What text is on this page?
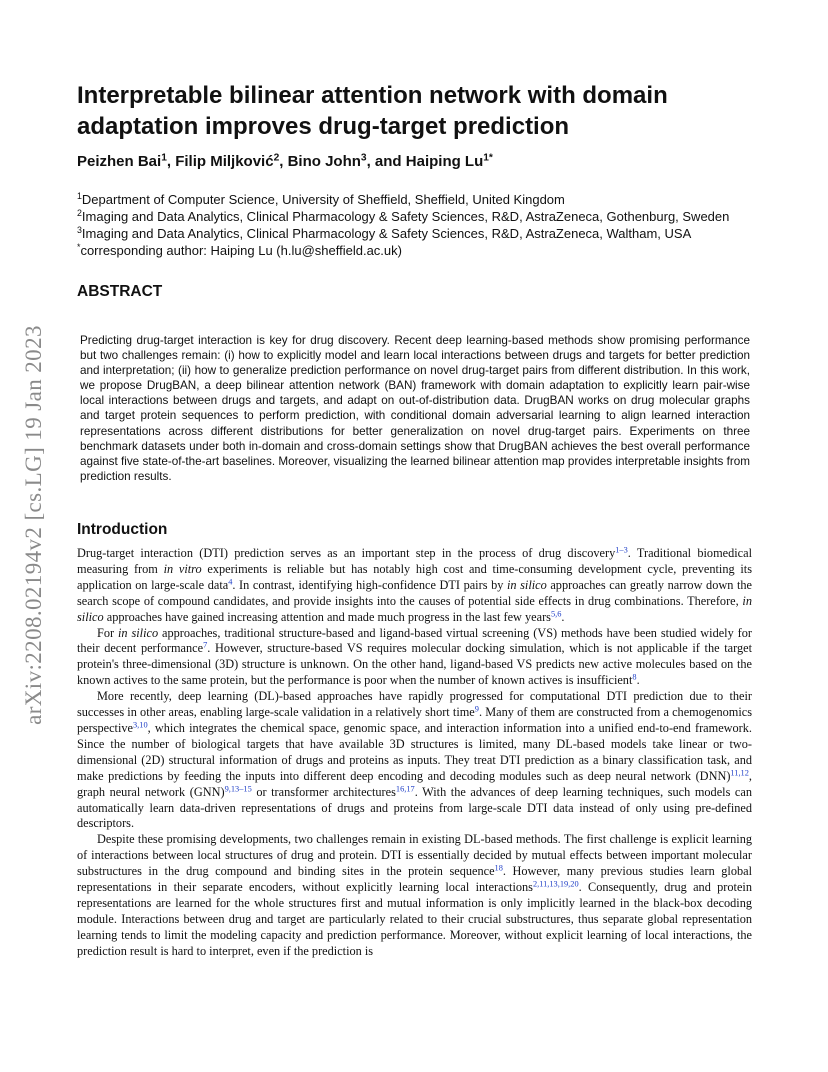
arXiv:2208.02194v2 [cs.LG] 19 Jan 2023
Interpretable bilinear attention network with domain adaptation improves drug-target prediction
Peizhen Bai$^1$, Filip Miljković$^2$, Bino John$^3$, and Haiping $Lu^{1*}$
$^1$Department of Computer Science, University of Sheffield, Sheffield, United Kingdom
$^2$Imaging and Data Analytics, Clinical Pharmacology & Safety Sciences, R&D, AstraZeneca, Gothenburg, Sweden
$^3$Imaging and Data Analytics, Clinical Pharmacology & Safety Sciences, R&D, AstraZeneca, Waltham, USA
*corresponding author: Haiping Lu (h.lu@sheffield.ac.uk)
ABSTRACT
Predicting drug-target interaction is key for drug discovery. Recent deep learning-based methods show promising performance but two challenges remain: (i) how to explicitly model and learn local interactions between drugs and targets for better prediction and interpretation; (ii) how to generalize prediction performance on novel drug-target pairs from different distribution. In this work, we propose DrugBAN, a deep bilinear attention network (BAN) framework with domain adaptation to explicitly learn pair-wise local interactions between drugs and targets, and adapt on out-of-distribution data. DrugBAN works on drug molecular graphs and target protein sequences to perform prediction, with conditional domain adversarial learning to align learned interaction representations across different distributions for better generalization on novel drug-target pairs. Experiments on three benchmark datasets under both in-domain and cross-domain settings show that DrugBAN achieves the best overall performance against five state-of-the-art baselines. Moreover, visualizing the learned bilinear attention map provides interpretable insights from prediction results.
Introduction

Drug-target interaction (DTI) prediction serves as an important step in the process of drug discovery$^{1-3}$. Traditional biomedical measuring from in vitro experiments is reliable but has notably high cost and time-consuming development cycle, preventing its application on large-scale data$^4$. In contrast, identifying high-confidence DTI pairs by in silico approaches can greatly narrow down the search scope of compound candidates, and provide insights into the causes of potential side effects in drug combinations. Therefore, in silico approaches have gained increasing attention and made much progress in the last few years$^{5,6}$.

For in silico approaches, traditional structure-based and ligand-based virtual screening (VS) methods have been studied widely for their decent performance$^7$. However, structure-based VS requires molecular docking simulation, which is not applicable if the target protein's three-dimensional (3D) structure is unknown. On the other hand, ligand-based VS predicts new active molecules based on the known actives to the same protein, but the performance is poor when the number of known actives is insufficient$^8$.

More recently, deep learning (DL)-based approaches have rapidly progressed for computational DTI prediction due to their successes in other areas, enabling large-scale validation in a relatively short time$^9$. Many of them are constructed from a chemogenomics perspective$^{3,10}$, which integrates the chemical space, genomic space, and interaction information into a unified end-to-end framework. Since the number of biological targets that have available 3D structures is limited, many DL-based models take linear or two-dimensional (2D) structural information of drugs and proteins as inputs. They treat DTI prediction as a binary classification task, and make predictions by feeding the inputs into different deep encoding and decoding modules such as deep neural network (DNN)$^{11,12}$, graph neural network (GNN)$^{9,13-15}$ or transformer architectures$^{16,17}$. With the advances of deep learning techniques, such models can automatically learn data-driven representations of drugs and proteins from large-scale DTI data instead of only using pre-defined descriptors.

Despite these promising developments, two challenges remain in existing DL-based methods. The first challenge is explicit learning of interactions between local structures of drug and protein. DTI is essentially decided by mutual effects between important molecular substructures in the drug compound and binding sites in the protein sequence$^{18}$. However, many previous studies learn global representations in their separate encoders, without explicitly learning local interactions$^{2,11,13,19,20}$. Consequently, drug and protein representations are learned for the whole structures first and mutual information is only implicitly learned in the black-box decoding module. Interactions between drug and target are particularly related to their crucial substructures, thus separate global representation learning tends to limit the modeling capacity and prediction performance. Moreover, without explicit learning of local interactions, the prediction result is hard to interpret, even if the prediction is
